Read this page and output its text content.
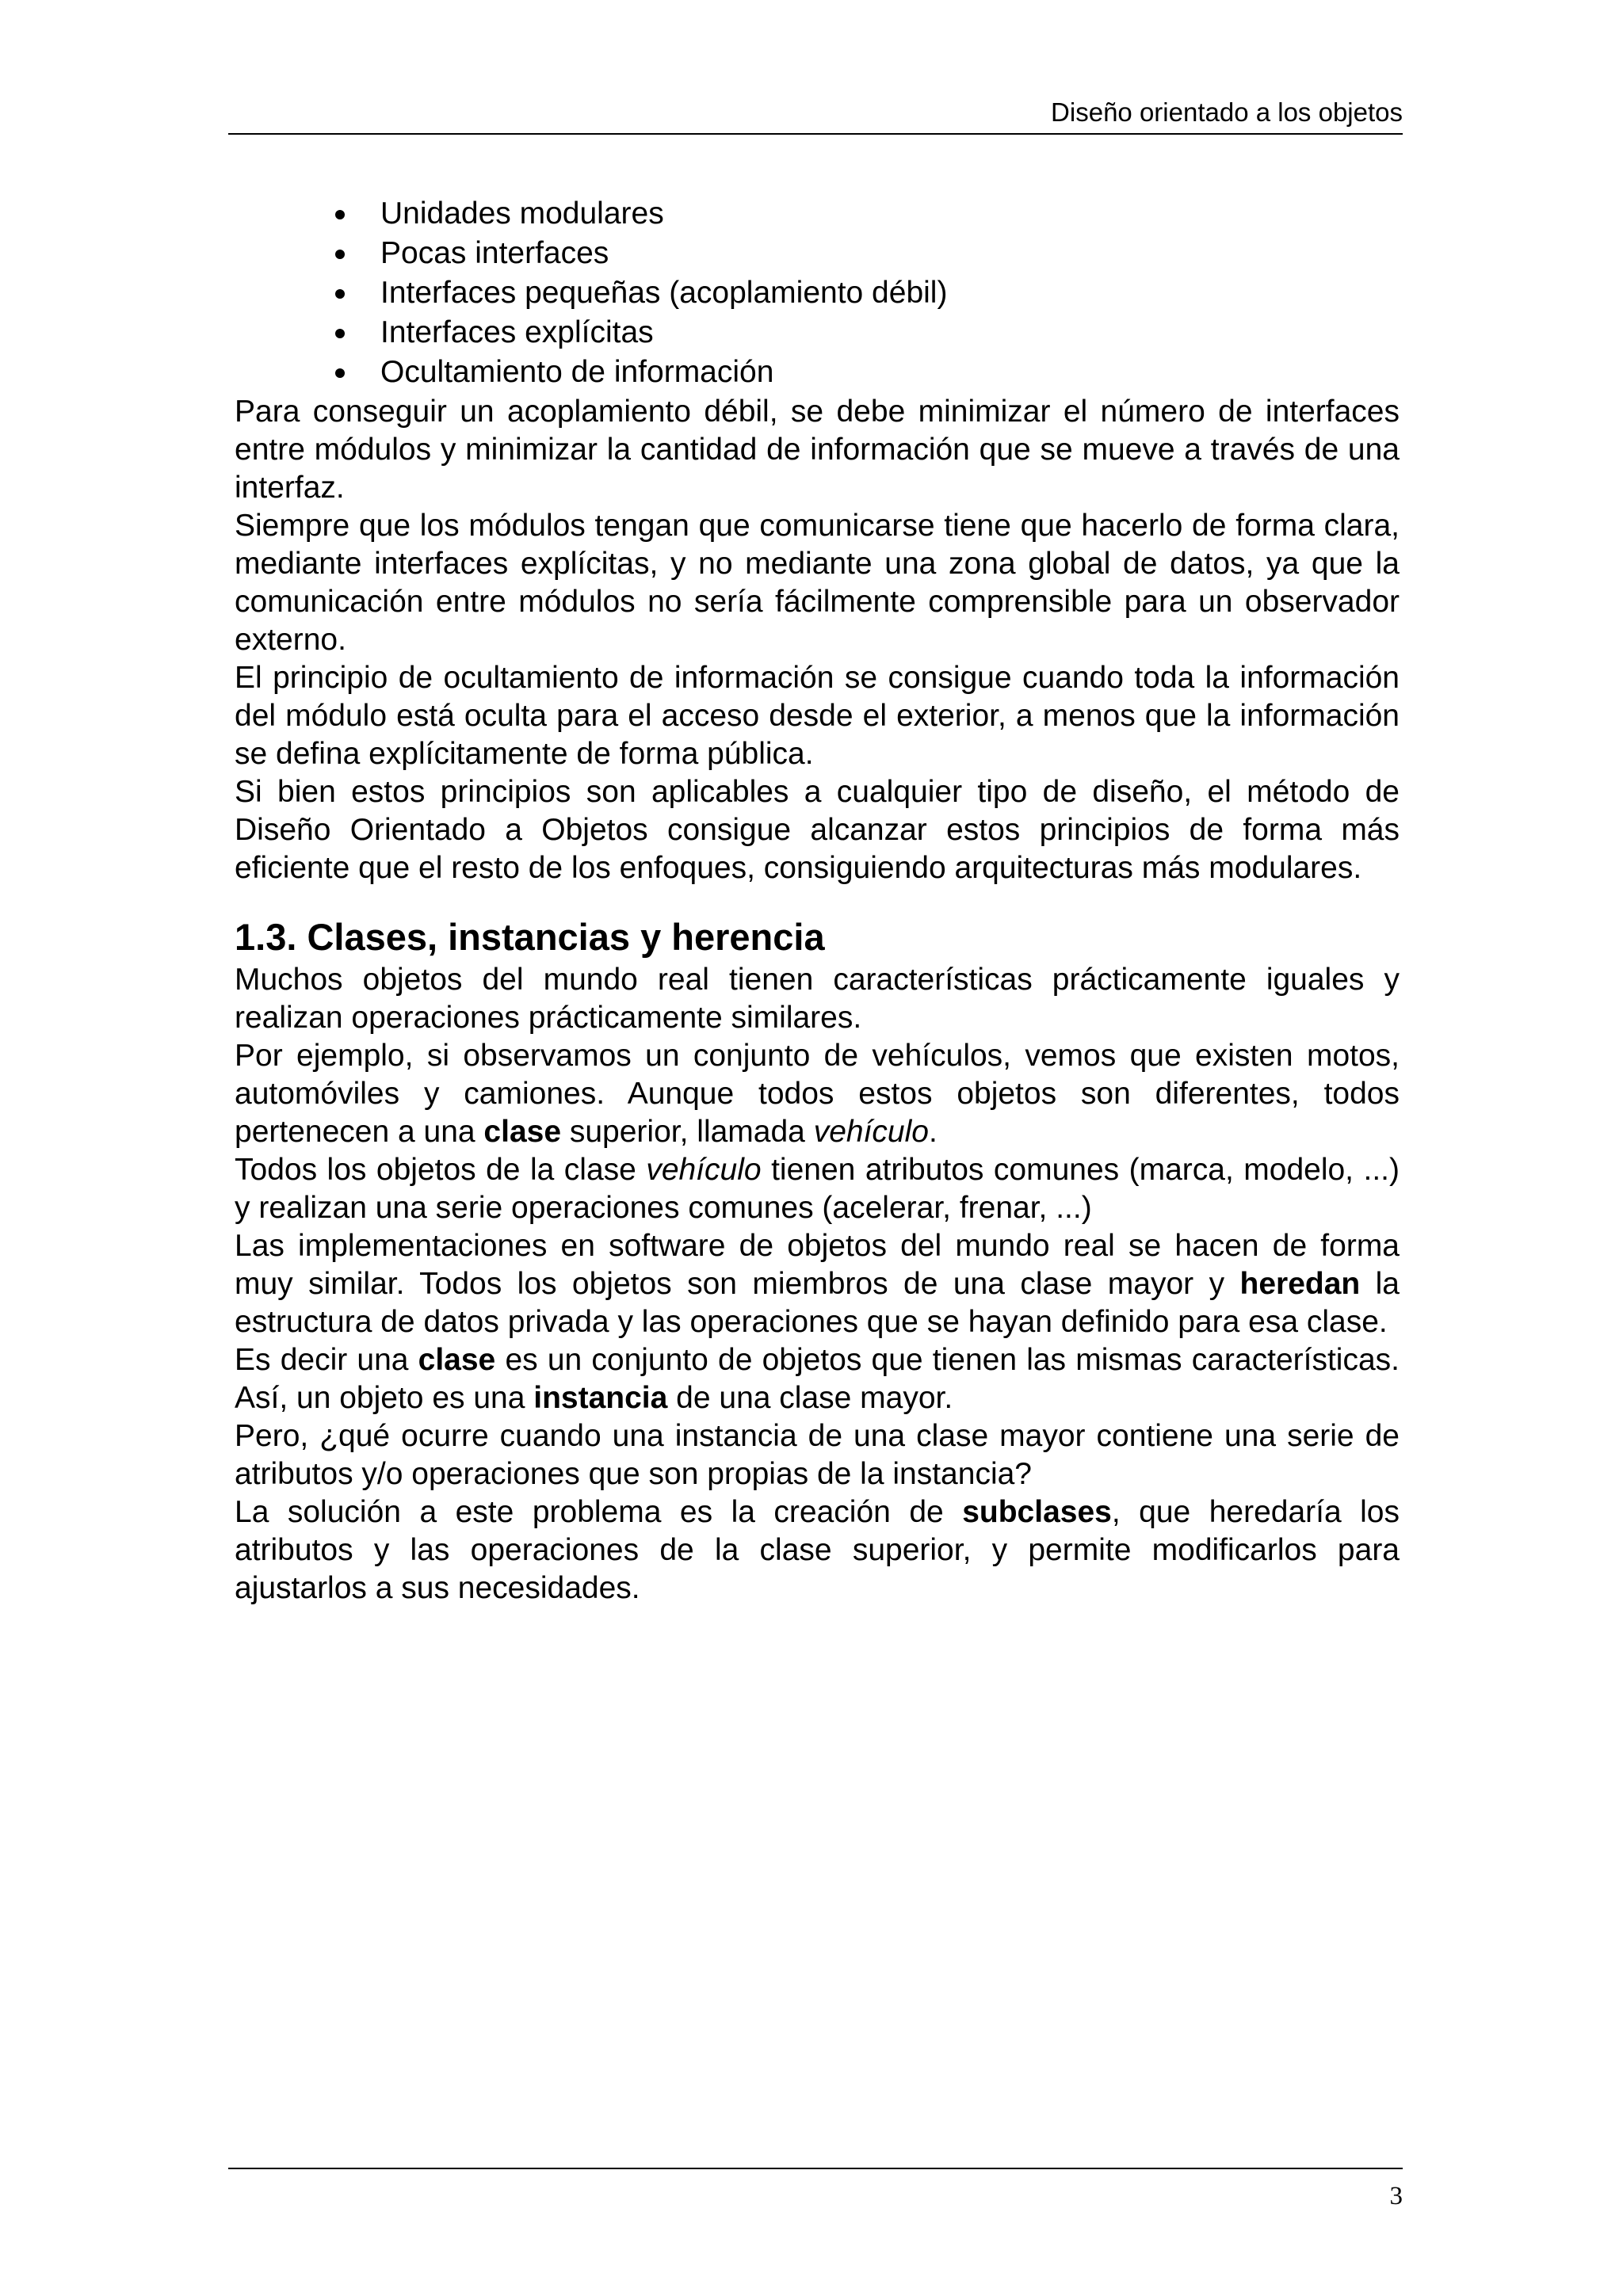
Diseño orientado a los objetos
Unidades modulares
Pocas interfaces
Interfaces pequeñas (acoplamiento débil)
Interfaces explícitas
Ocultamiento de información

Para conseguir un acoplamiento débil, se debe minimizar el número de interfaces entre módulos y minimizar la cantidad de información que se mueve a través de una interfaz.

Siempre que los módulos tengan que comunicarse tiene que hacerlo de forma clara, mediante interfaces explícitas, y no mediante una zona global de datos, ya que la comunicación entre módulos no sería fácilmente comprensible para un observador externo.

El principio de ocultamiento de información se consigue cuando toda la información del módulo está oculta para el acceso desde el exterior, a menos que la información se defina explícitamente de forma pública.

Si bien estos principios son aplicables a cualquier tipo de diseño, el método de Diseño Orientado a Objetos consigue alcanzar estos principios de forma más eficiente que el resto de los enfoques, consiguiendo arquitecturas más modulares.

1.3. Clases, instancias y herencia

Muchos objetos del mundo real tienen características prácticamente iguales y realizan operaciones prácticamente similares.

Por ejemplo, si observamos un conjunto de vehículos, vemos que existen motos, automóviles y camiones. Aunque todos estos objetos son diferentes, todos pertenecen a una clase superior, llamada vehículo.

Todos los objetos de la clase vehículo tienen atributos comunes (marca, modelo, ...) y realizan una serie operaciones comunes (acelerar, frenar, ...)

Las implementaciones en software de objetos del mundo real se hacen de forma muy similar. Todos los objetos son miembros de una clase mayor y heredan la estructura de datos privada y las operaciones que se hayan definido para esa clase.

Es decir una clase es un conjunto de objetos que tienen las mismas características. Así, un objeto es una instancia de una clase mayor.

Pero, ¿qué ocurre cuando una instancia de una clase mayor contiene una serie de atributos y/o operaciones que son propias de la instancia?

La solución a este problema es la creación de subclases, que heredaría los atributos y las operaciones de la clase superior, y permite modificarlos para ajustarlos a sus necesidades.

3
